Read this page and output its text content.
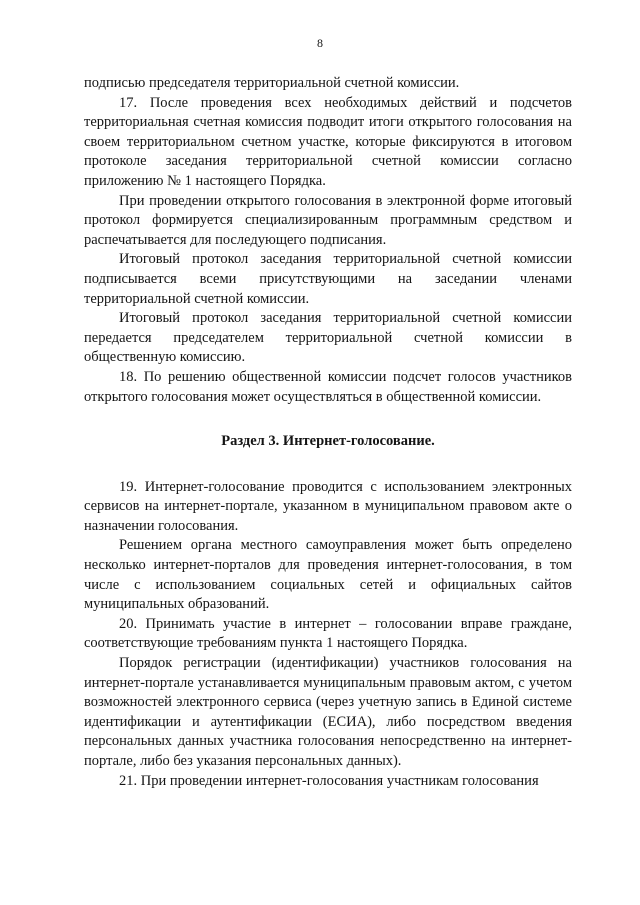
8

подписью председателя территориальной счетной комиссии.

17. После проведения всех необходимых действий и подсчетов территориальная счетная комиссия подводит итоги открытого голосования на своем территориальном счетном участке, которые фиксируются в итоговом протоколе заседания территориальной счетной комиссии согласно приложению № 1 настоящего Порядка.

При проведении открытого голосования в электронной форме итоговый протокол формируется специализированным программным средством и распечатывается для последующего подписания.

Итоговый протокол заседания территориальной счетной комиссии подписывается всеми присутствующими на заседании членами территориальной счетной комиссии.

Итоговый протокол заседания территориальной счетной комиссии передается председателем территориальной счетной комиссии в общественную комиссию.

18. По решению общественной комиссии подсчет голосов участников открытого голосования может осуществляться в общественной комиссии.

Раздел 3. Интернет-голосование.

19. Интернет-голосование проводится с использованием электронных сервисов на интернет-портале, указанном в муниципальном правовом акте о назначении голосования.

Решением органа местного самоуправления может быть определено несколько интернет-порталов для проведения интернет-голосования, в том числе с использованием социальных сетей и официальных сайтов муниципальных образований.

20. Принимать участие в интернет – голосовании вправе граждане, соответствующие требованиям пункта 1 настоящего Порядка.

Порядок регистрации (идентификации) участников голосования на интернет-портале устанавливается муниципальным правовым актом, с учетом возможностей электронного сервиса (через учетную запись в Единой системе идентификации и аутентификации (ЕСИА), либо посредством введения персональных данных участника голосования непосредственно на интернет-портале, либо без указания персональных данных).

21. При проведении интернет-голосования участникам голосования
